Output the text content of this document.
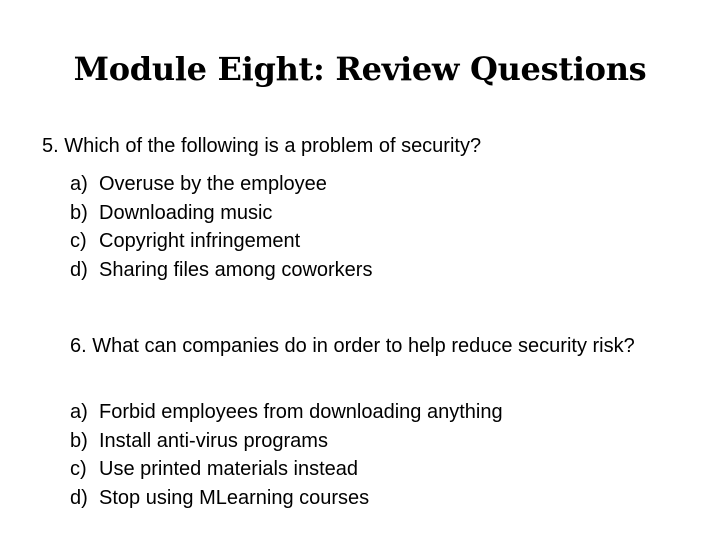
Module Eight: Review Questions
5. Which of the following is a problem of security?
a) Overuse by the employee
b) Downloading music
c) Copyright infringement
d) Sharing files among coworkers
6. What can companies do in order to help reduce security risk?
a) Forbid employees from downloading anything
b) Install anti-virus programs
c) Use printed materials instead
d) Stop using MLearning courses
